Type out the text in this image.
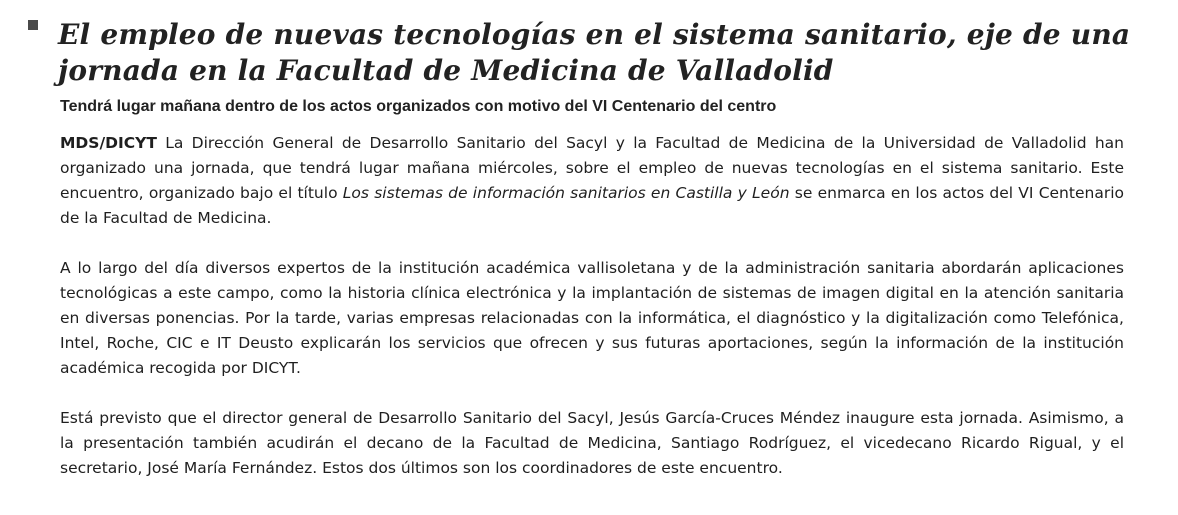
El empleo de nuevas tecnologías en el sistema sanitario, eje de una jornada en la Facultad de Medicina de Valladolid
Tendrá lugar mañana dentro de los actos organizados con motivo del VI Centenario del centro

MDS/DICYT La Dirección General de Desarrollo Sanitario del Sacyl y la Facultad de Medicina de la Universidad de Valladolid han organizado una jornada, que tendrá lugar mañana miércoles, sobre el empleo de nuevas tecnologías en el sistema sanitario. Este encuentro, organizado bajo el título Los sistemas de información sanitarios en Castilla y León se enmarca en los actos del VI Centenario de la Facultad de Medicina.

A lo largo del día diversos expertos de la institución académica vallisoletana y de la administración sanitaria abordarán aplicaciones tecnológicas a este campo, como la historia clínica electrónica y la implantación de sistemas de imagen digital en la atención sanitaria en diversas ponencias. Por la tarde, varias empresas relacionadas con la informática, el diagnóstico y la digitalización como Telefónica, Intel, Roche, CIC e IT Deusto explicarán los servicios que ofrecen y sus futuras aportaciones, según la información de la institución académica recogida por DICYT.

Está previsto que el director general de Desarrollo Sanitario del Sacyl, Jesús García-Cruces Méndez inaugure esta jornada. Asimismo, a la presentación también acudirán el decano de la Facultad de Medicina, Santiago Rodríguez, el vicedecano Ricardo Rigual, y el secretario, José María Fernández. Estos dos últimos son los coordinadores de este encuentro.
